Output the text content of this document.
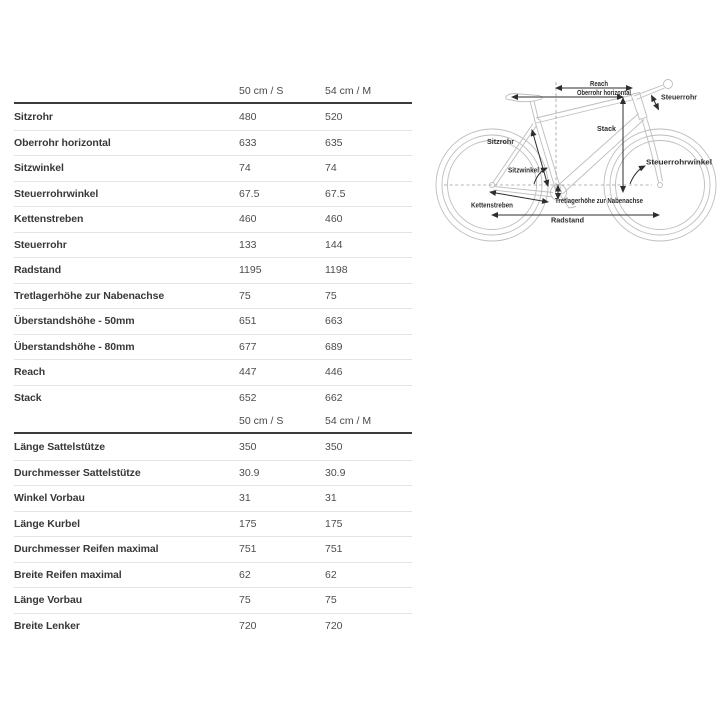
50 cm / S	54 cm / M
Sitzrohr	480	520
Oberrohr horizontal	633	635
Sitzwinkel	74	74
Steuerrohrwinkel	67.5	67.5
Kettenstreben	460	460
Steuerrohr	133	144
Radstand	1195	1198
Tretlagerhöhe zur Nabenachse	75	75
Überstandshöhe - 50mm	651	663
Überstandshöhe - 80mm	677	689
Reach	447	446
Stack	652	662
50 cm / S	54 cm / M
Länge Sattelstütze	350	350
Durchmesser Sattelstütze	30.9	30.9
Winkel Vorbau	31	31
Länge Kurbel	175	175
Durchmesser Reifen maximal	751	751
Breite Reifen maximal	62	62
Länge Vorbau	75	75
Breite Lenker	720	720
Reach
Oberrohr horizontal	Steuerrohr
Stack
Sitzrohr
Sitzwinkel
Steuerrohrwinkel
Tretlagerhöhe zur Nabenachse
Kettenstreben
Radstand
